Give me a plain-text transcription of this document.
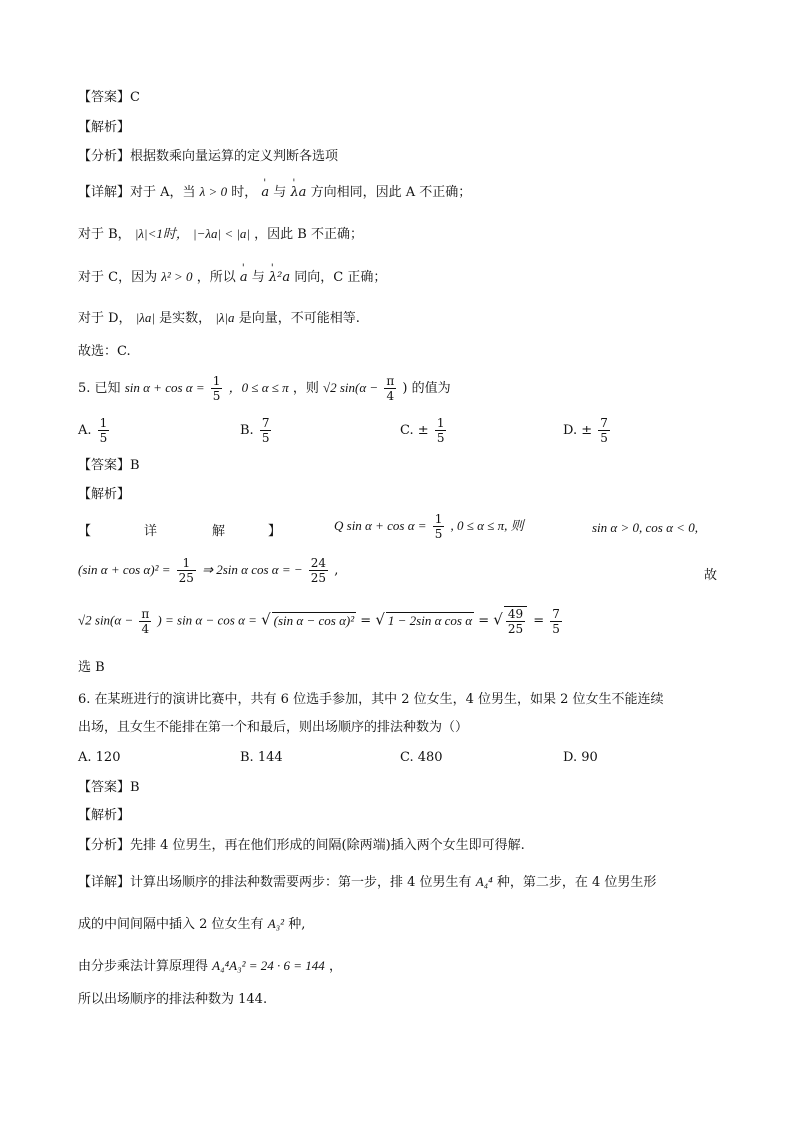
【答案】C
【解析】
【分析】根据数乘向量运算的定义判断各选项
【详解】对于 A，当 λ > 0 时， ' a 与 ' λa 方向相同，因此 A 不正确；
对于 B， |λ|<1时， |−λa| < |a| ，因此 B 不正确；
对于 C，因为 λ² > 0 ，所以 ' a 与 ' λ²a 同向，C 正确；
对于 D， |λa| 是实数， |λ|a 是向量，不可能相等.
故选：C.
5. 已知 $\sin \alpha + \cos \alpha = \frac{1}{5}$ ，0 ≤ α ≤ π ，则 √2 $\sin(\alpha - \frac{\pi}{4}$ ) 的值为
A. $\frac{1}{5}$	B. $\frac{7}{5}$	C. ± $\frac{1}{5}$	D. ± $\frac{7}{5}$
【答案】B
【解析】
【	详	解	】	Q $\sin \alpha + \cos \alpha = \frac{1}{5}$ , 0 ≤ α ≤ π, 则	sin α > 0, cos α < 0,
(sin $\alpha + \cos \alpha)^2 = \frac{1}{25}$ ⇒ 2sin α cos α = − $\frac{24}{25}$ ,	故
√2 $\sin(\alpha - \frac{\pi}{4}$ ) = sin α − cos α = √ (sin α − cos α)² = √ 1 − 2sin α cos α = √ $\frac{49}{25} = \frac{7}{5}$
选 B
6. 在某班进行的演讲比赛中，共有 6 位选手参加，其中 2 位女生，4 位男生，如果 2 位女生不能连续
出场，且女生不能排在第一个和最后，则出场顺序的排法种数为（）
A. 120	B. 144	C. 480	D. 90
【答案】B
【解析】
【分析】先排 4 位男生，再在他们形成的间隔(除两端)插入两个女生即可得解.
【详解】计算出场顺序的排法种数需要两步：第一步，排 4 位男生有 A₄⁴ 种，第二步，在 4 位男生形
成的中间间隔中插入 2 位女生有 A₃² 种,
由分步乘法计算原理得 A₄⁴A₃² = 24 · 6 = 144 ，
所以出场顺序的排法种数为 144.
